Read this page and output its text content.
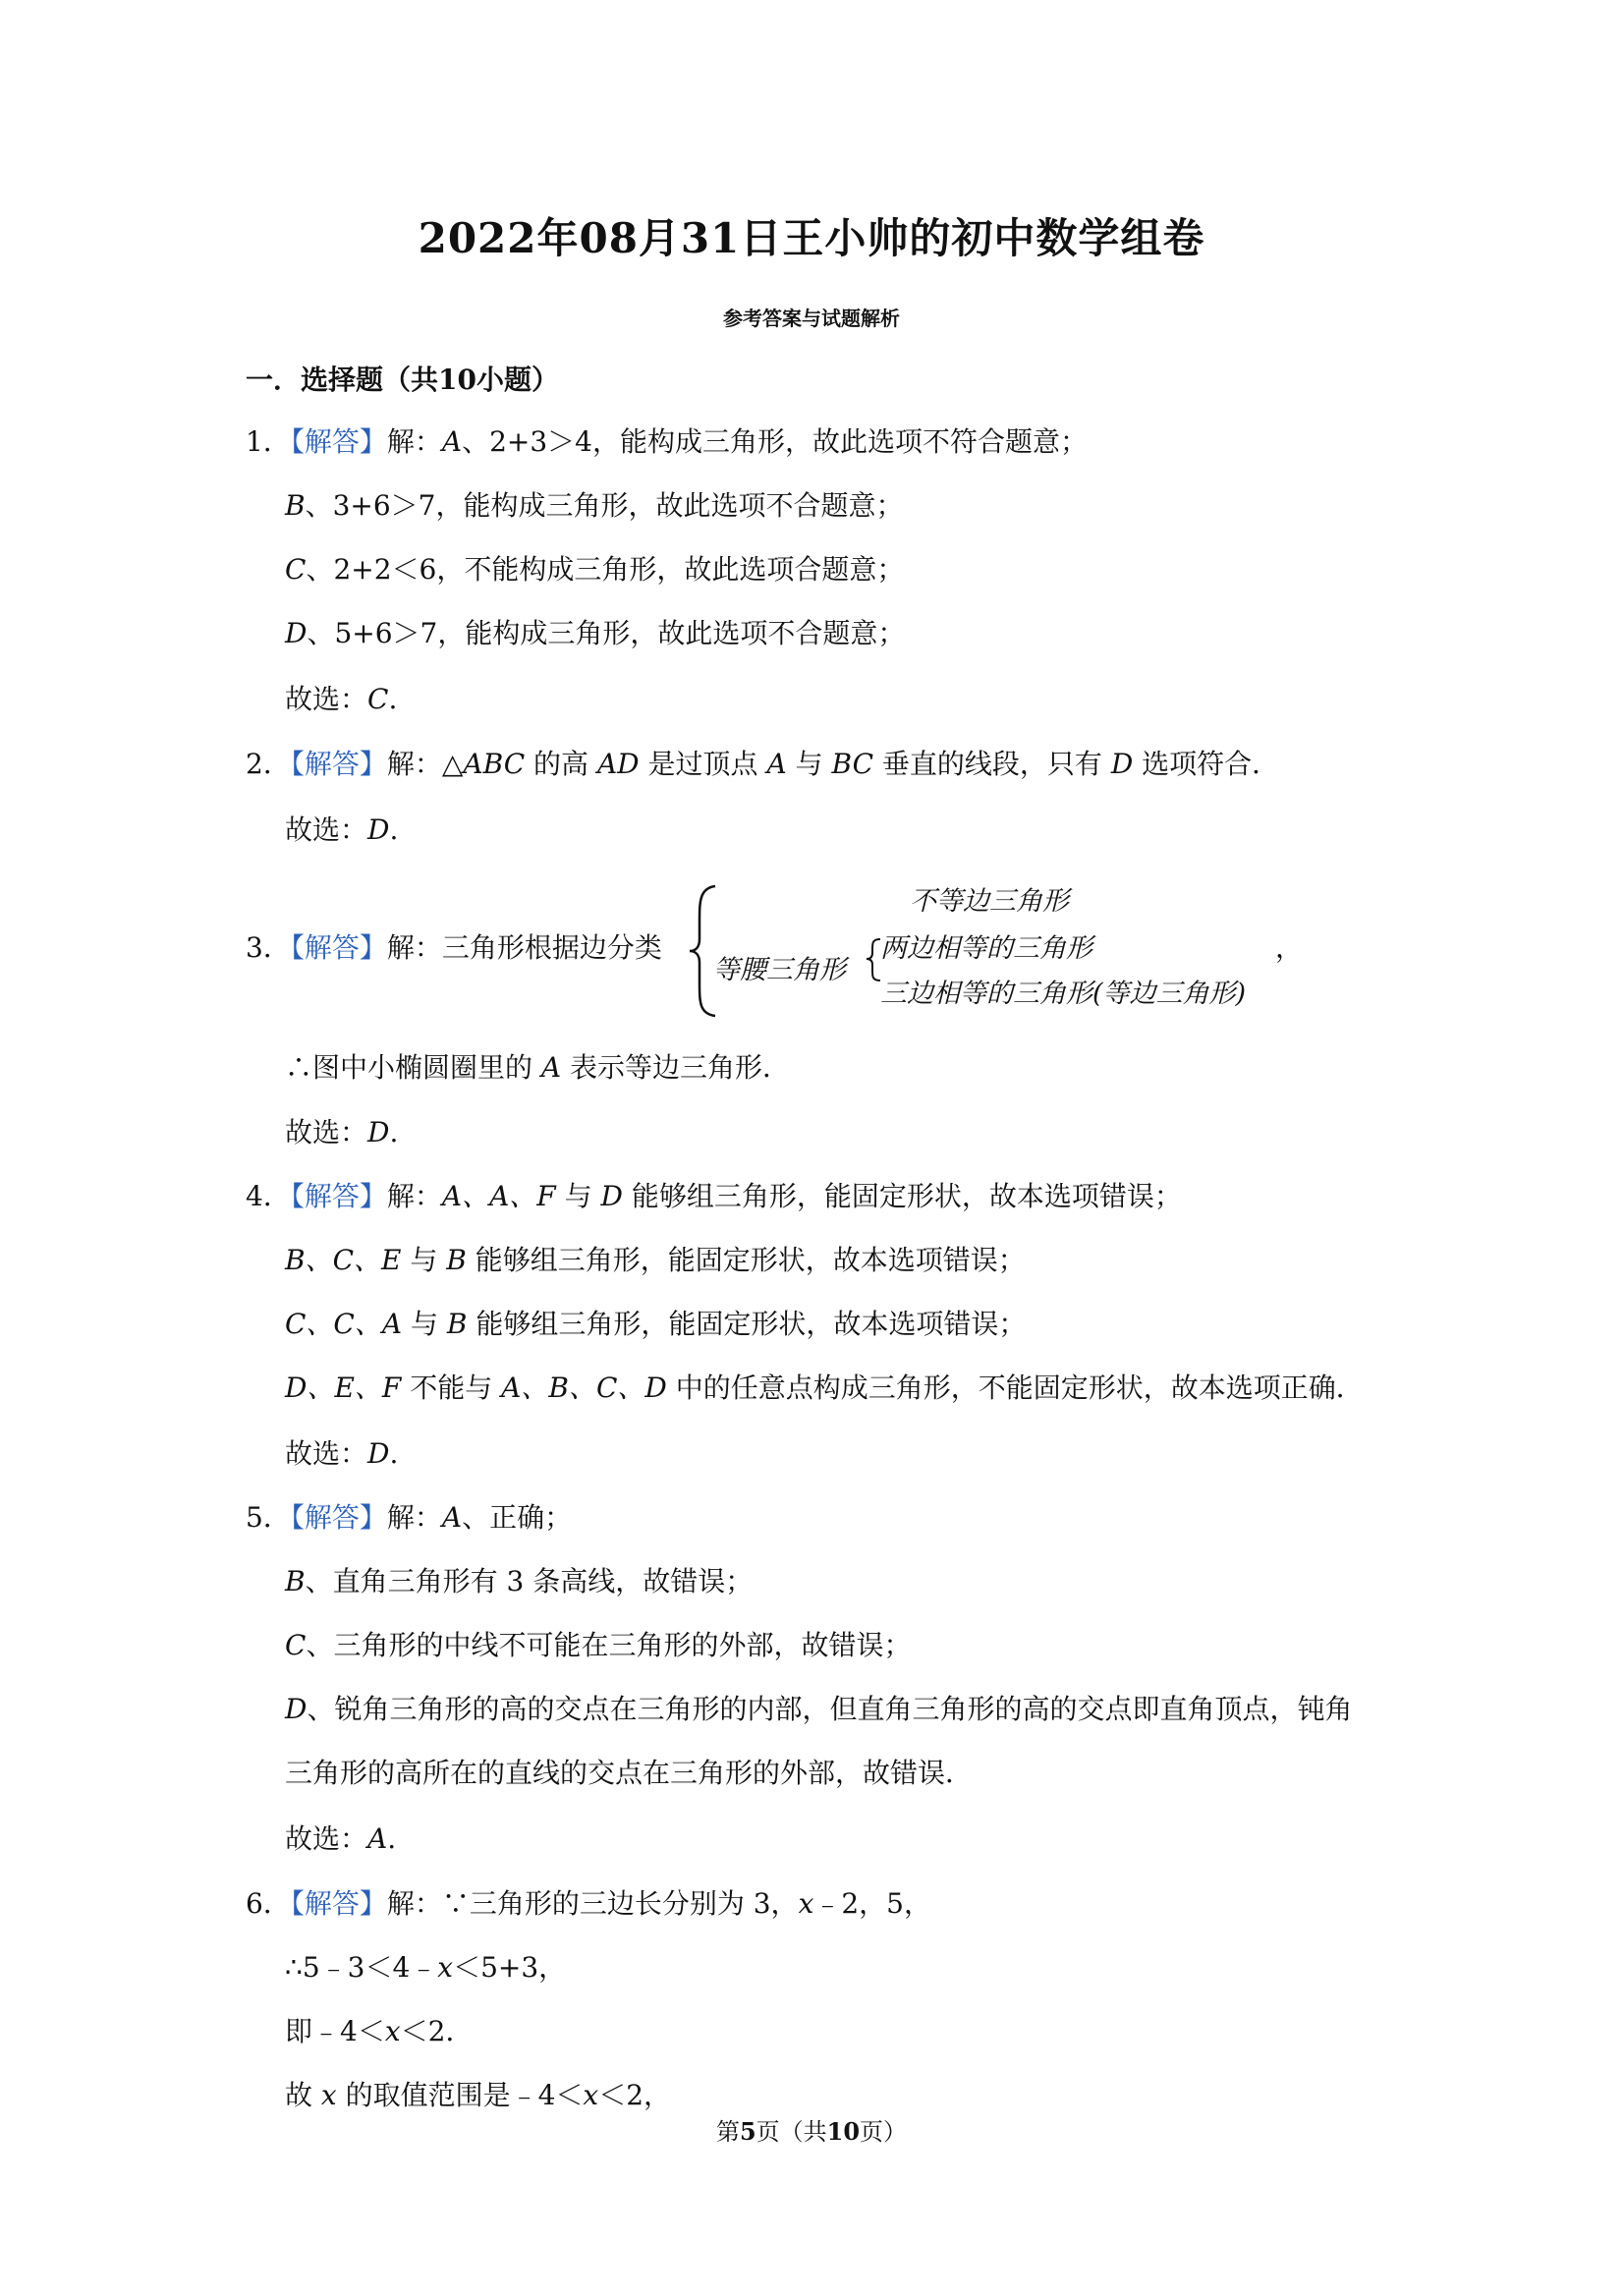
2022年08月31日王小帅的初中数学组卷
参考答案与试题解析
一．选择题（共10小题）
1．【解答】解：A、2+3＞4，能构成三角形，故此选项不符合题意；
B、3+6＞7，能构成三角形，故此选项不合题意；
C、2+2＜6，不能构成三角形，故此选项合题意；
D、5+6＞7，能构成三角形，故此选项不合题意；
故选：C.
2．【解答】解：△ABC 的高 AD 是过顶点 A 与 BC 垂直的线段，只有 D 选项符合．
故选：D.
3．【解答】解：三角形根据边分类
不等边三角形
等腰三角形
两边相等的三角形
三边相等的三角形(等边三角形)
，
∴图中小椭圆圈里的 A 表示等边三角形．
故选：D.
4．【解答】解：A、A、F 与 D 能够组三角形，能固定形状，故本选项错误；
B、C、E 与 B 能够组三角形，能固定形状，故本选项错误；
C、C、A 与 B 能够组三角形，能固定形状，故本选项错误；
D、E、F 不能与 A、B、C、D 中的任意点构成三角形，不能固定形状，故本选项正确．
故选：D.
5．【解答】解：A、正确；
B、直角三角形有 3 条高线，故错误；
C、三角形的中线不可能在三角形的外部，故错误；
D、锐角三角形的高的交点在三角形的内部，但直角三角形的高的交点即直角顶点，钝角
三角形的高所在的直线的交点在三角形的外部，故错误．
故选：A.
6．【解答】解：∵三角形的三边长分别为 3，x﹣2，5，
∴5﹣3＜4﹣x＜5+3，
即﹣4＜x＜2．
故 x 的取值范围是﹣4＜x＜2，
第5页（共10页）
